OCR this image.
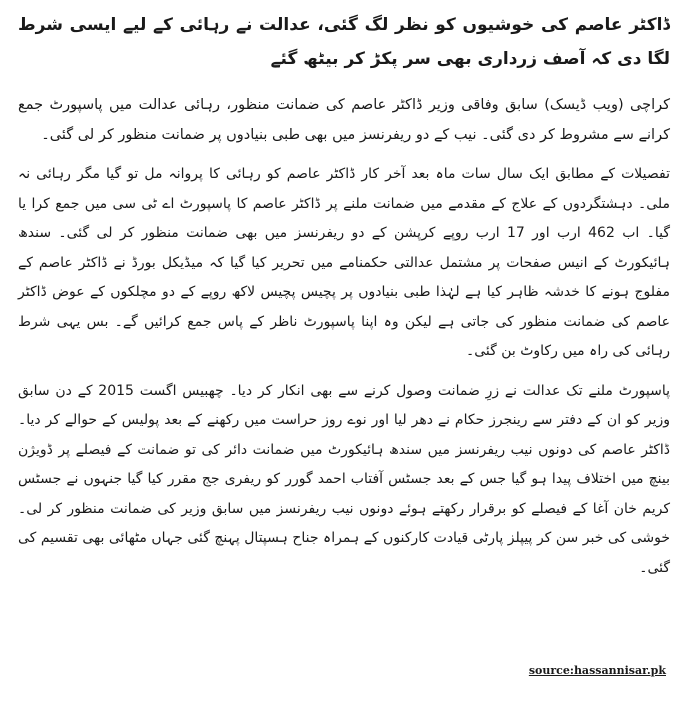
ڈاکٹر عاصم کی خوشیوں کو نظر لگ گئی، عدالت نے رہائی کے لیے ایسی شرط لگا دی کہ آصف زرداری بھی سر پکڑ کر بیٹھ گئے

کراچی (ویب ڈیسک) سابق وفاقی وزیر ڈاکٹر عاصم کی ضمانت منظور، رہائی عدالت میں پاسپورٹ جمع کرانے سے مشروط کر دی گئی۔ نیب کے دو ریفرنسز میں بھی طبی بنیادوں پر ضمانت منظور کر لی گئی۔

تفصیلات کے مطابق ایک سال سات ماہ بعد آخر کار ڈاکٹر عاصم کو رہائی کا پروانہ مل تو گیا مگر رہائی نہ ملی۔ دہشتگردوں کے علاج کے مقدمے میں ضمانت ملنے پر ڈاکٹر عاصم کا پاسپورٹ اے ٹی سی میں جمع کرا یا گیا۔ اب 462 ارب اور 17 ارب روپے کرپشن کے دو ریفرنسز میں بھی ضمانت منظور کر لی گئی۔ سندھ ہائیکورٹ کے انیس صفحات پر مشتمل عدالتی حکمنامے میں تحریر کیا گیا کہ میڈیکل بورڈ نے ڈاکٹر عاصم کے مفلوج ہونے کا خدشہ ظاہر کیا ہے لہٰذا طبی بنیادوں پر پچیس پچیس لاکھ روپے کے دو مچلکوں کے عوض ڈاکٹر عاصم کی ضمانت منظور کی جاتی ہے لیکن وہ اپنا پاسپورٹ ناظر کے پاس جمع کرائیں گے۔ بس یہی شرط رہائی کی راہ میں رکاوٹ بن گئی۔

پاسپورٹ ملنے تک عدالت نے زرِ ضمانت وصول کرنے سے بھی انکار کر دیا۔ چھبیس اگست 2015 کے دن سابق وزیر کو ان کے دفتر سے رینجرز حکام نے دھر لیا اور نوے روز حراست میں رکھنے کے بعد پولیس کے حوالے کر دیا۔ ڈاکٹر عاصم کی دونوں نیب ریفرنسز میں سندھ ہائیکورٹ میں ضمانت دائر کی تو ضمانت کے فیصلے پر ڈویژن بینچ میں اختلاف پیدا ہو گیا جس کے بعد جسٹس آفتاب احمد گورر کو ریفری جج مقرر کیا گیا جنہوں نے جسٹس کریم خان آغا کے فیصلے کو برقرار رکھتے ہوئے دونوں نیب ریفرنسز میں سابق وزیر کی ضمانت منظور کر لی۔ خوشی کی خبر سن کر پیپلز پارٹی قیادت کارکنوں کے ہمراہ جناح ہسپتال پہنچ گئی جہاں مٹھائی بھی تقسیم کی گئی۔

source:hassannisar.pk
